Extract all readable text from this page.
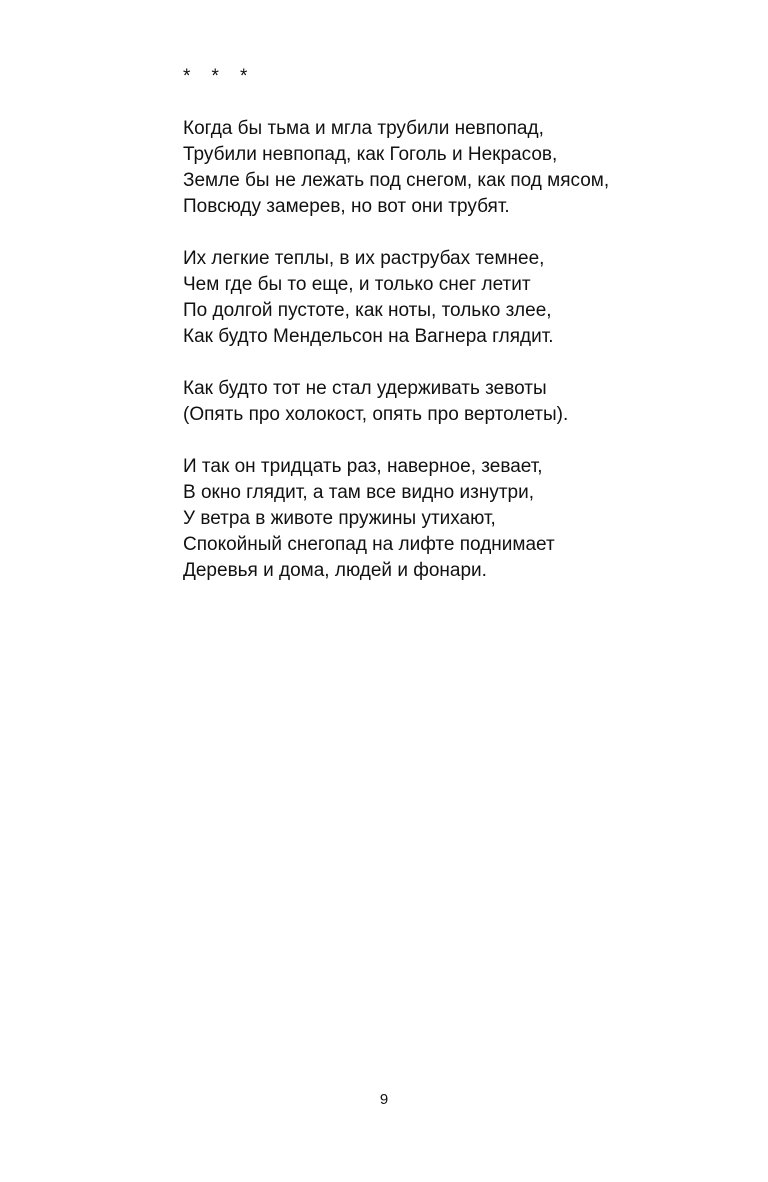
*    *    *
Когда бы тьма и мгла трубили невпопад,
Трубили невпопад, как Гоголь и Некрасов,
Земле бы не лежать под снегом, как под мясом,
Повсюду замерев, но вот они трубят.
Их легкие теплы, в их раструбах темнее,
Чем где бы то еще, и только снег летит
По долгой пустоте, как ноты, только злее,
Как будто Мендельсон на Вагнера глядит.
Как будто тот не стал удерживать зевоты
(Опять про холокост, опять про вертолеты).
И так он тридцать раз, наверное, зевает,
В окно глядит, а там все видно изнутри,
У ветра в животе пружины утихают,
Спокойный снегопад на лифте поднимает
Деревья и дома, людей и фонари.
9
